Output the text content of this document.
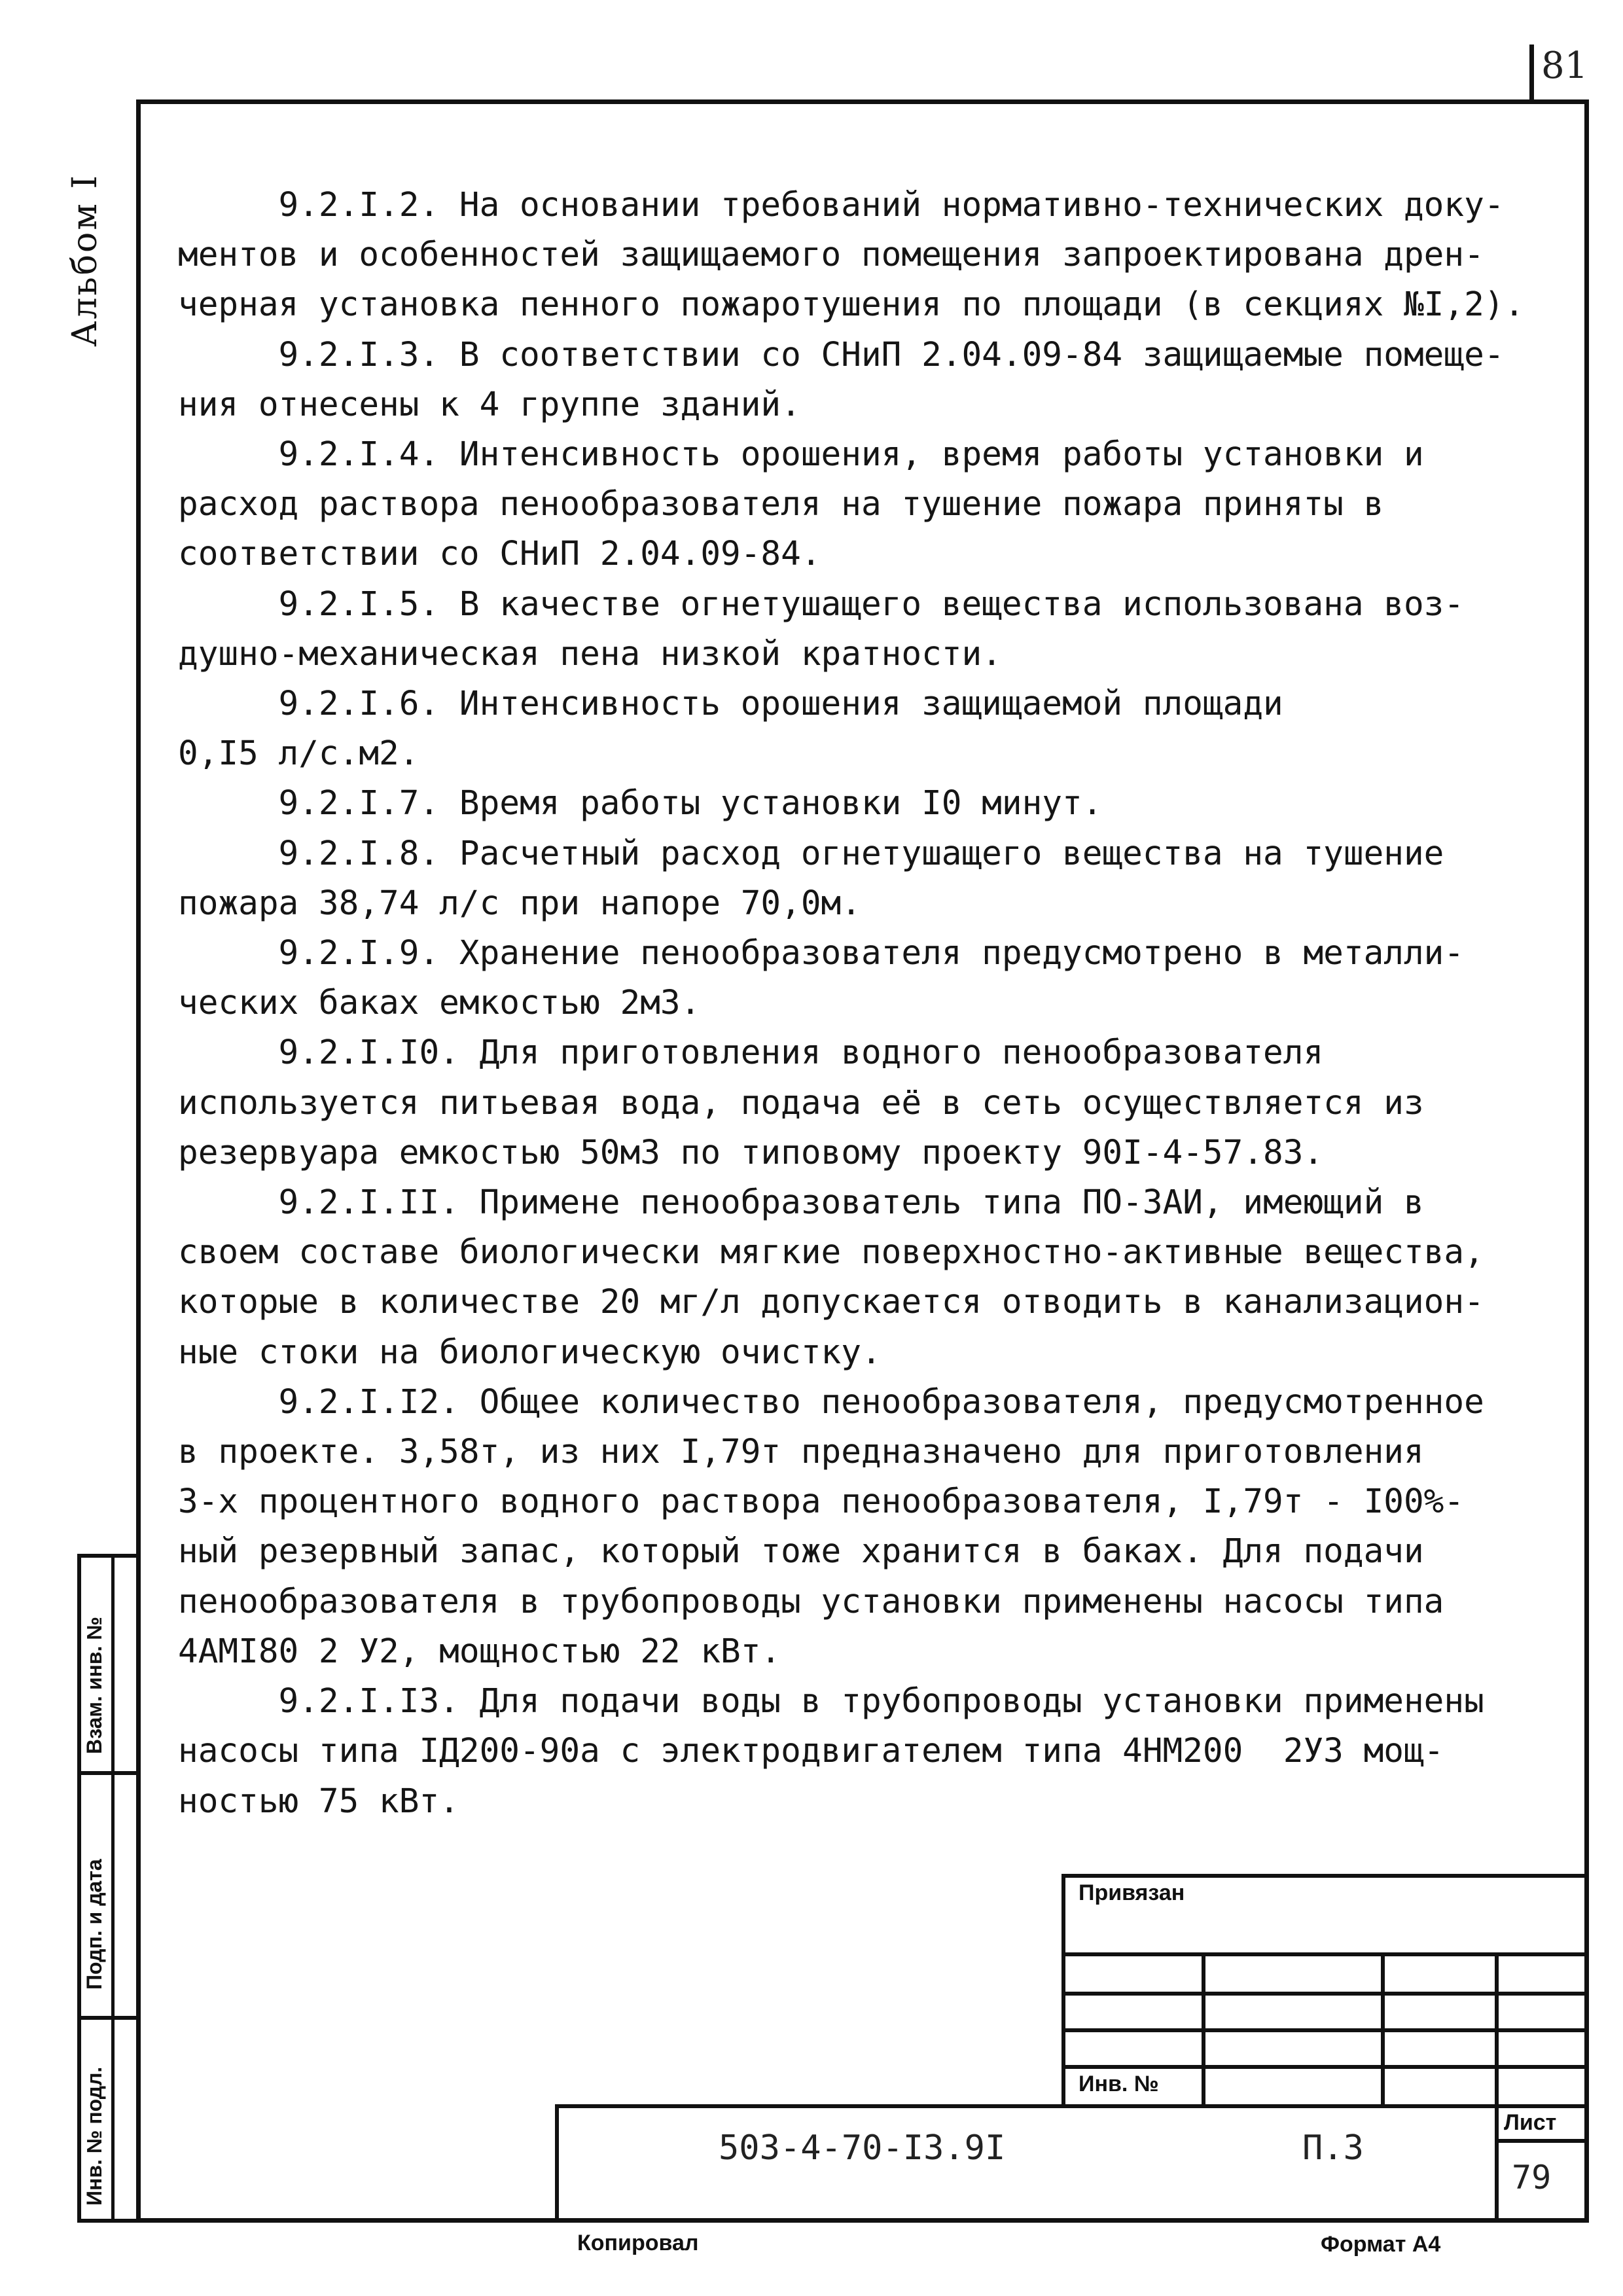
81
Альбом I
Взам. инв. №
Подп. и дата
Инв. № подл.

9.2.I.2. На основании требований нормативно-технических доку-

ментов и особенностей защищаемого помещения запроектирована дрен-

черная установка пенного пожаротушения по площади (в секциях №I,2).

9.2.I.3. В соответствии со СНиП 2.04.09-84 защищаемые помеще-

ния отнесены к 4 группе зданий.

9.2.I.4. Интенсивность орошения, время работы установки и

расход раствора пенообразователя на тушение пожара приняты в

соответствии со СНиП 2.04.09-84.

9.2.I.5. В качестве огнетушащего вещества использована воз-

душно-механическая пена низкой кратности.

9.2.I.6. Интенсивность орошения защищаемой площади

0,I5 л/с.м2.

9.2.I.7. Время работы установки I0 минут.

9.2.I.8. Расчетный расход огнетушащего вещества на тушение

пожара 38,74 л/с при напоре 70,0м.

9.2.I.9. Хранение пенообразователя предусмотрено в металли-

ческих баках емкостью 2м3.

9.2.I.I0. Для приготовления водного пенообразователя

используется питьевая вода, подача её в сеть осуществляется из

резервуара емкостью 50м3 по типовому проекту 90I-4-57.83.

9.2.I.II. Примене пенообразователь типа ПО-3АИ, имеющий в

своем составе биологически мягкие поверхностно-активные вещества,

которые в количестве 20 мг/л допускается отводить в канализацион-

ные стоки на биологическую очистку.

9.2.I.I2. Общее количество пенообразователя, предусмотренное

в проекте. 3,58т, из них I,79т предназначено для приготовления

3-х процентного водного раствора пенообразователя, I,79т - I00%-

ный резервный запас, который тоже хранится в баках. Для подачи

пенообразователя в трубопроводы установки применены насосы типа

4АМI80 2 У2, мощностью 22 кВт.

9.2.I.I3. Для подачи воды в трубопроводы установки применены

насосы типа IД200-90а с электродвигателем типа 4НМ200  2У3 мощ-

ностью 75 кВт.

Привязан
Инв. №
503-4-70-I3.9I	П.3
Лист
79
Копировал	Формат А4
